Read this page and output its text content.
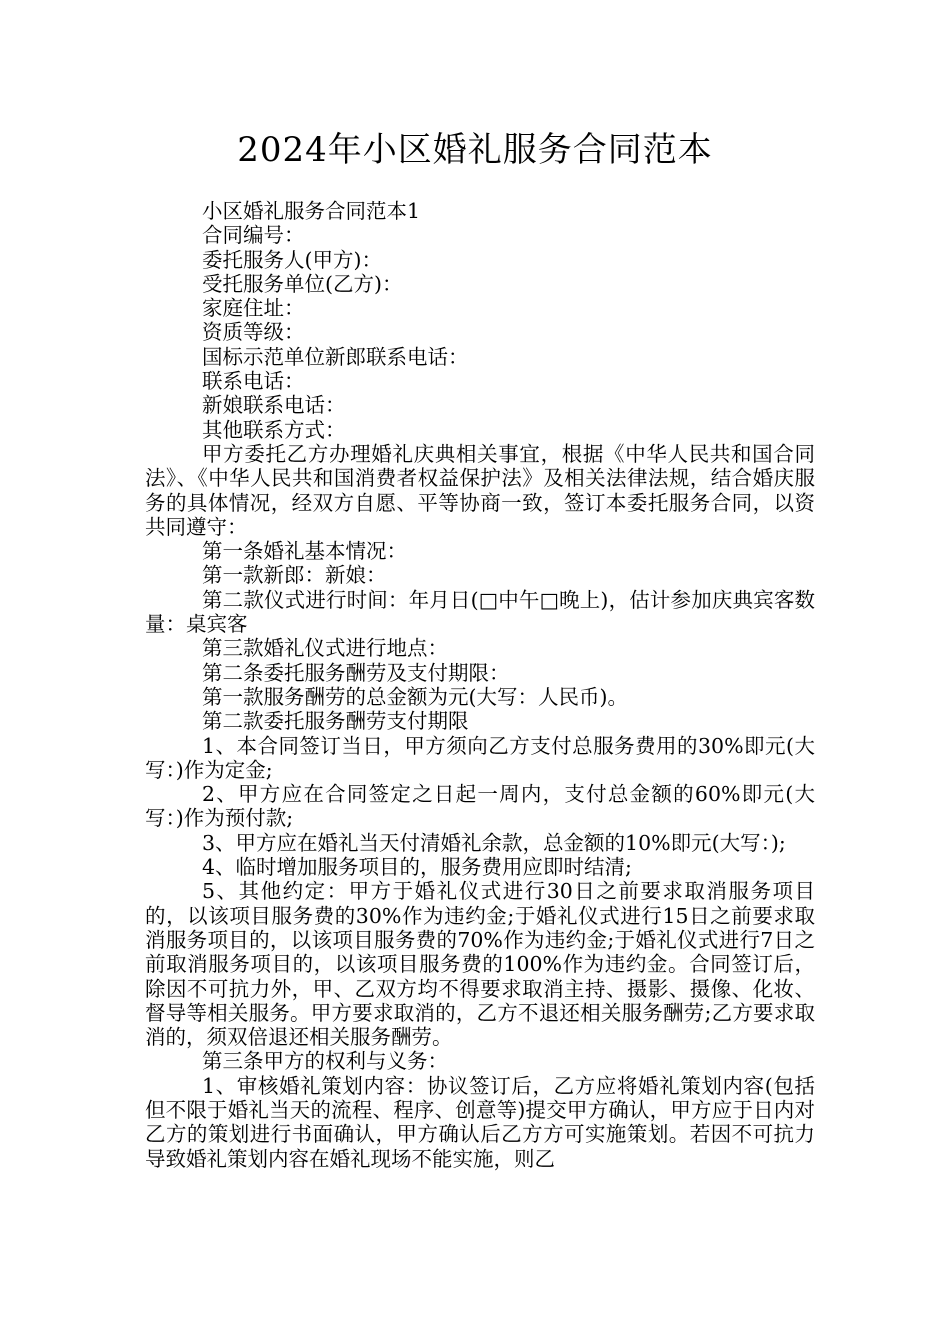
2024年小区婚礼服务合同范本

小区婚礼服务合同范本1

合同编号：

委托服务人(甲方)：

受托服务单位(乙方)：

家庭住址：

资质等级：

国标示范单位新郎联系电话：

联系电话：

新娘联系电话：

其他联系方式：

甲方委托乙方办理婚礼庆典相关事宜，根据《中华人民共和国合同法》、《中华人民共和国消费者权益保护法》及相关法律法规，结合婚庆服务的具体情况，经双方自愿、平等协商一致，签订本委托服务合同，以资共同遵守：

第一条婚礼基本情况：

第一款新郎：新娘：

第二款仪式进行时间：年月日(□中午□晚上)，估计参加庆典宾客数量：桌宾客

第三款婚礼仪式进行地点：

第二条委托服务酬劳及支付期限：

第一款服务酬劳的总金额为元(大写：人民币)。

第二款委托服务酬劳支付期限

1、本合同签订当日，甲方须向乙方支付总服务费用的30%即元(大写：)作为定金;

2、甲方应在合同签定之日起一周内，支付总金额的60%即元(大写：)作为预付款;

3、甲方应在婚礼当天付清婚礼余款，总金额的10%即元(大写：);

4、临时增加服务项目的，服务费用应即时结清;

5、其他约定：甲方于婚礼仪式进行30日之前要求取消服务项目的，以该项目服务费的30%作为违约金;于婚礼仪式进行15日之前要求取消服务项目的，以该项目服务费的70%作为违约金;于婚礼仪式进行7日之前取消服务项目的，以该项目服务费的100%作为违约金。合同签订后，除因不可抗力外，甲、乙双方均不得要求取消主持、摄影、摄像、化妆、督导等相关服务。甲方要求取消的，乙方不退还相关服务酬劳;乙方要求取消的，须双倍退还相关服务酬劳。

第三条甲方的权利与义务：

1、审核婚礼策划内容：协议签订后，乙方应将婚礼策划内容(包括但不限于婚礼当天的流程、程序、创意等)提交甲方确认，甲方应于日内对乙方的策划进行书面确认，甲方确认后乙方方可实施策划。若因不可抗力导致婚礼策划内容在婚礼现场不能实施，则乙
